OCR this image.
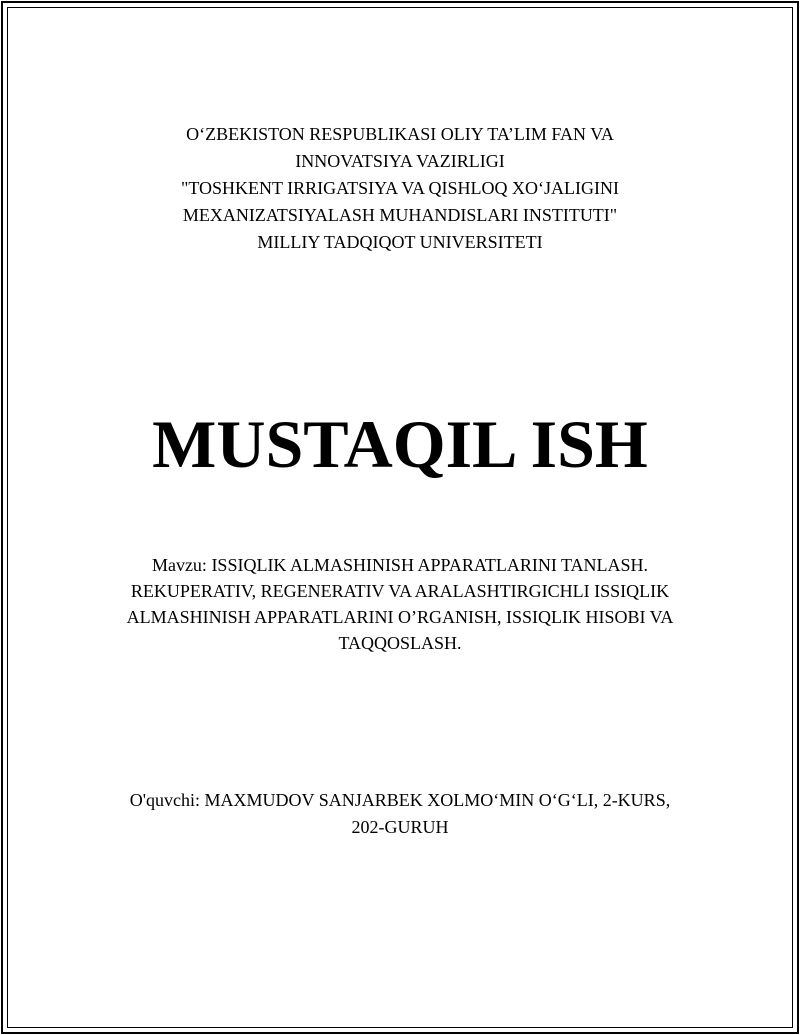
O‘ZBEKISTON RESPUBLIKASI OLIY TA’LIM FAN VA
INNOVATSIYA VAZIRLIGI
"TOSHKENT IRRIGATSIYA VA QISHLOQ XO‘JALIGINI
MEXANIZATSIYALASH MUHANDISLARI INSTITUTI"
MILLIY TADQIQOT UNIVERSITETI
MUSTAQIL ISH
Mavzu: ISSIQLIK ALMASHINISH APPARATLARINI TANLASH.
REKUPERATIV, REGENERATIV VA ARALASHTIRGICHLI ISSIQLIK
ALMASHINISH APPARATLARINI O’RGANISH, ISSIQLIK HISOBI VA
TAQQOSLASH.
O'quvchi: MAXMUDOV SANJARBEK XOLMO‘MIN O‘G‘LI, 2-KURS,
202-GURUH
